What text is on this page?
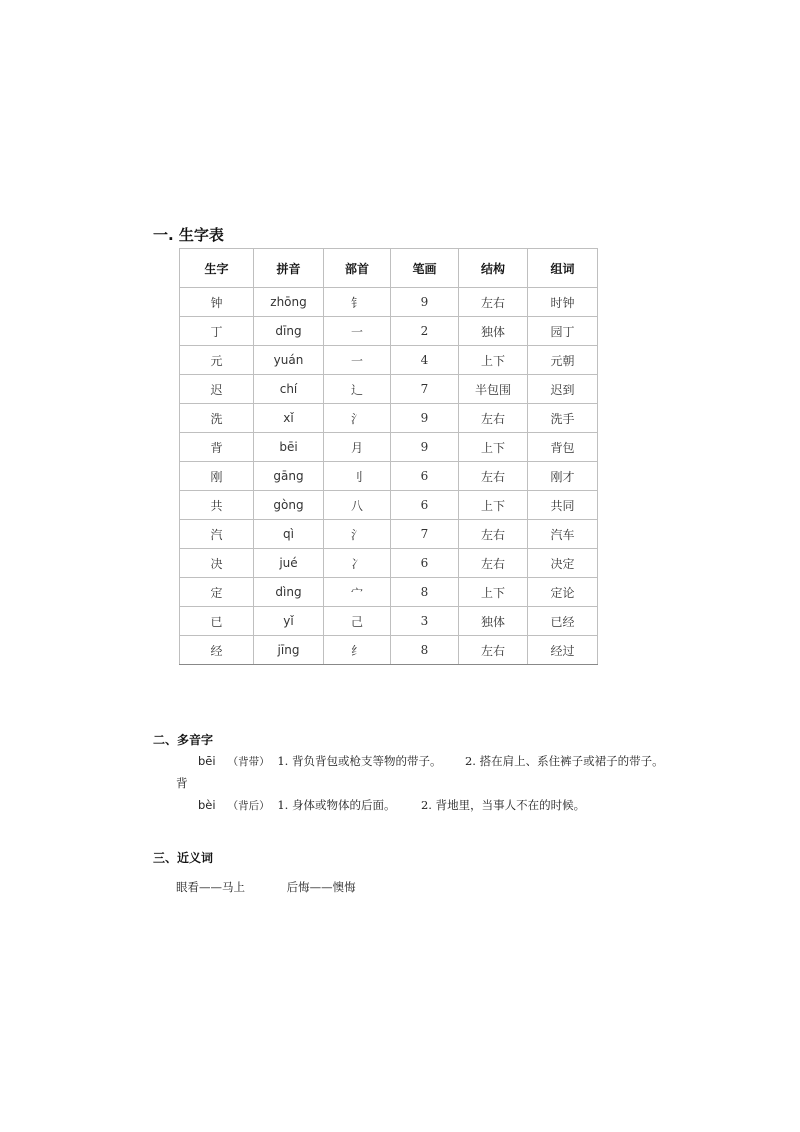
一. 生字表
生字	拼音	部首	笔画	结构	组词
钟	zhōng	钅	9	左右	时钟
丁	dīng	一	2	独体	园丁
元	yuán	一	4	上下	元朝
迟	chí	辶	7	半包围	迟到
洗	xǐ	氵	9	左右	洗手
背	bēi	月	9	上下	背包
刚	gāng	刂	6	左右	刚才
共	gòng	八	6	上下	共同
汽	qì	氵	7	左右	汽车
决	jué	冫	6	左右	决定
定	dìng	宀	8	上下	定论
已	yǐ	己	3	独体	已经
经	jīng	纟	8	左右	经过
二、多音字
bēi （背带） 1. 背负背包或枪支等物的带子。 2. 搭在肩上、系住裤子或裙子的带子。
背
bèi （背后） 1. 身体或物体的后面。 2. 背地里，当事人不在的时候。
三、近义词
眼看——马上	后悔——懊悔
